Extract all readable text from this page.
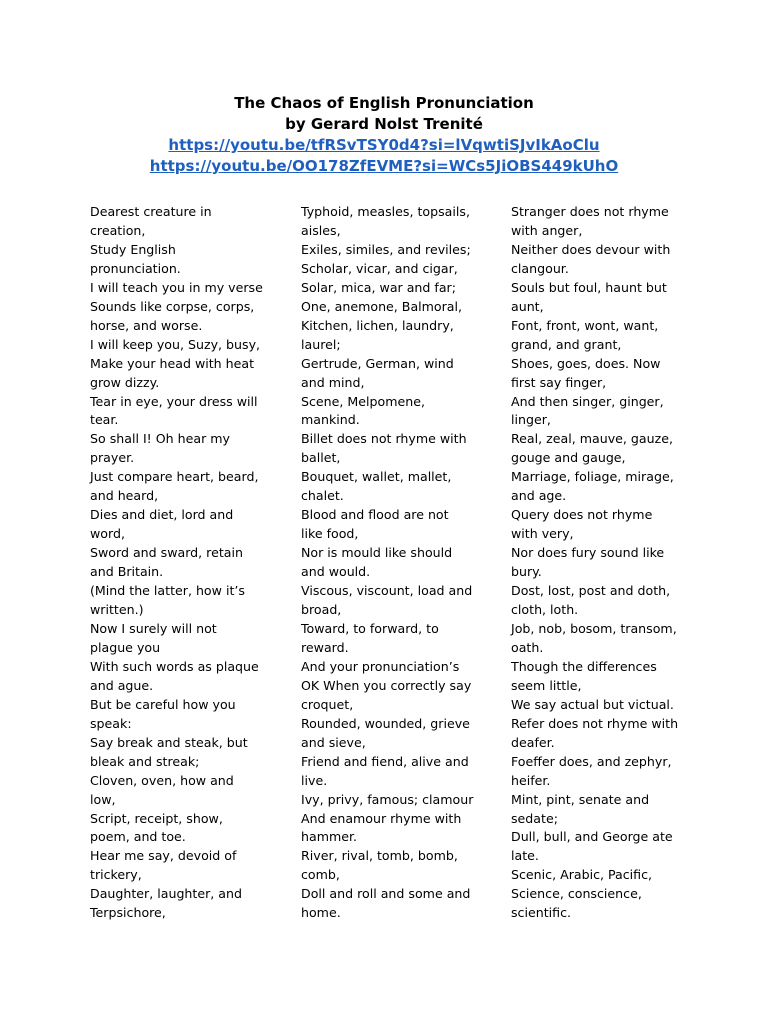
The Chaos of English Pronunciation

by Gerard Nolst Trenité

https://youtu.be/tfRSvTSY0d4?si=lVqwtiSJvIkAoClu
https://youtu.be/OO178ZfEVME?si=WCs5JiOBS449kUhO
Dearest creature in
creation,
Study English
pronunciation.
I will teach you in my verse
Sounds like corpse, corps,
horse, and worse.
I will keep you, Suzy, busy,
Make your head with heat
grow dizzy.
Tear in eye, your dress will
tear.
So shall I! Oh hear my
prayer.
Just compare heart, beard,
and heard,
Dies and diet, lord and
word,
Sword and sward, retain
and Britain.
(Mind the latter, how it’s
written.)
Now I surely will not
plague you
With such words as plaque
and ague.
But be careful how you
speak:
Say break and steak, but
bleak and streak;
Cloven, oven, how and
low,
Script, receipt, show,
poem, and toe.
Hear me say, devoid of
trickery,
Daughter, laughter, and
Terpsichore,
Typhoid, measles, topsails,
aisles,
Exiles, similes, and reviles;
Scholar, vicar, and cigar,
Solar, mica, war and far;
One, anemone, Balmoral,
Kitchen, lichen, laundry,
laurel;
Gertrude, German, wind
and mind,
Scene, Melpomene,
mankind.
Billet does not rhyme with
ballet,
Bouquet, wallet, mallet,
chalet.
Blood and flood are not
like food,
Nor is mould like should
and would.
Viscous, viscount, load and
broad,
Toward, to forward, to
reward.
And your pronunciation’s
OK When you correctly say
croquet,
Rounded, wounded, grieve
and sieve,
Friend and fiend, alive and
live.
Ivy, privy, famous; clamour
And enamour rhyme with
hammer.
River, rival, tomb, bomb,
comb,
Doll and roll and some and
home.
Stranger does not rhyme
with anger,
Neither does devour with
clangour.
Souls but foul, haunt but
aunt,
Font, front, wont, want,
grand, and grant,
Shoes, goes, does. Now
first say finger,
And then singer, ginger,
linger,
Real, zeal, mauve, gauze,
gouge and gauge,
Marriage, foliage, mirage,
and age.
Query does not rhyme
with very,
Nor does fury sound like
bury.
Dost, lost, post and doth,
cloth, loth.
Job, nob, bosom, transom,
oath.
Though the differences
seem little,
We say actual but victual.
Refer does not rhyme with
deafer.
Foeffer does, and zephyr,
heifer.
Mint, pint, senate and
sedate;
Dull, bull, and George ate
late.
Scenic, Arabic, Pacific,
Science, conscience,
scientific.
